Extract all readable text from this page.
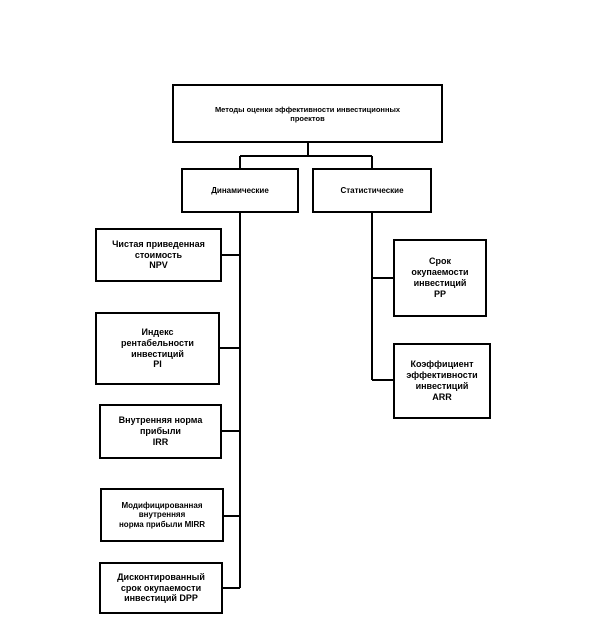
Методы оценки эффективности инвестиционных
проектов
Динамические	Статистические
Чистая приведенная
стоимость
NPV
Индекс
рентабельности
инвестиций
PI
Внутренняя норма
прибыли
IRR
Модифицированная
внутренняя
норма прибыли MIRR
Дисконтированный
срок окупаемости
инвестиций DPP
Срок
окупаемости
инвестиций
PP
Коэффициент
эффективности
инвестиций
ARR
